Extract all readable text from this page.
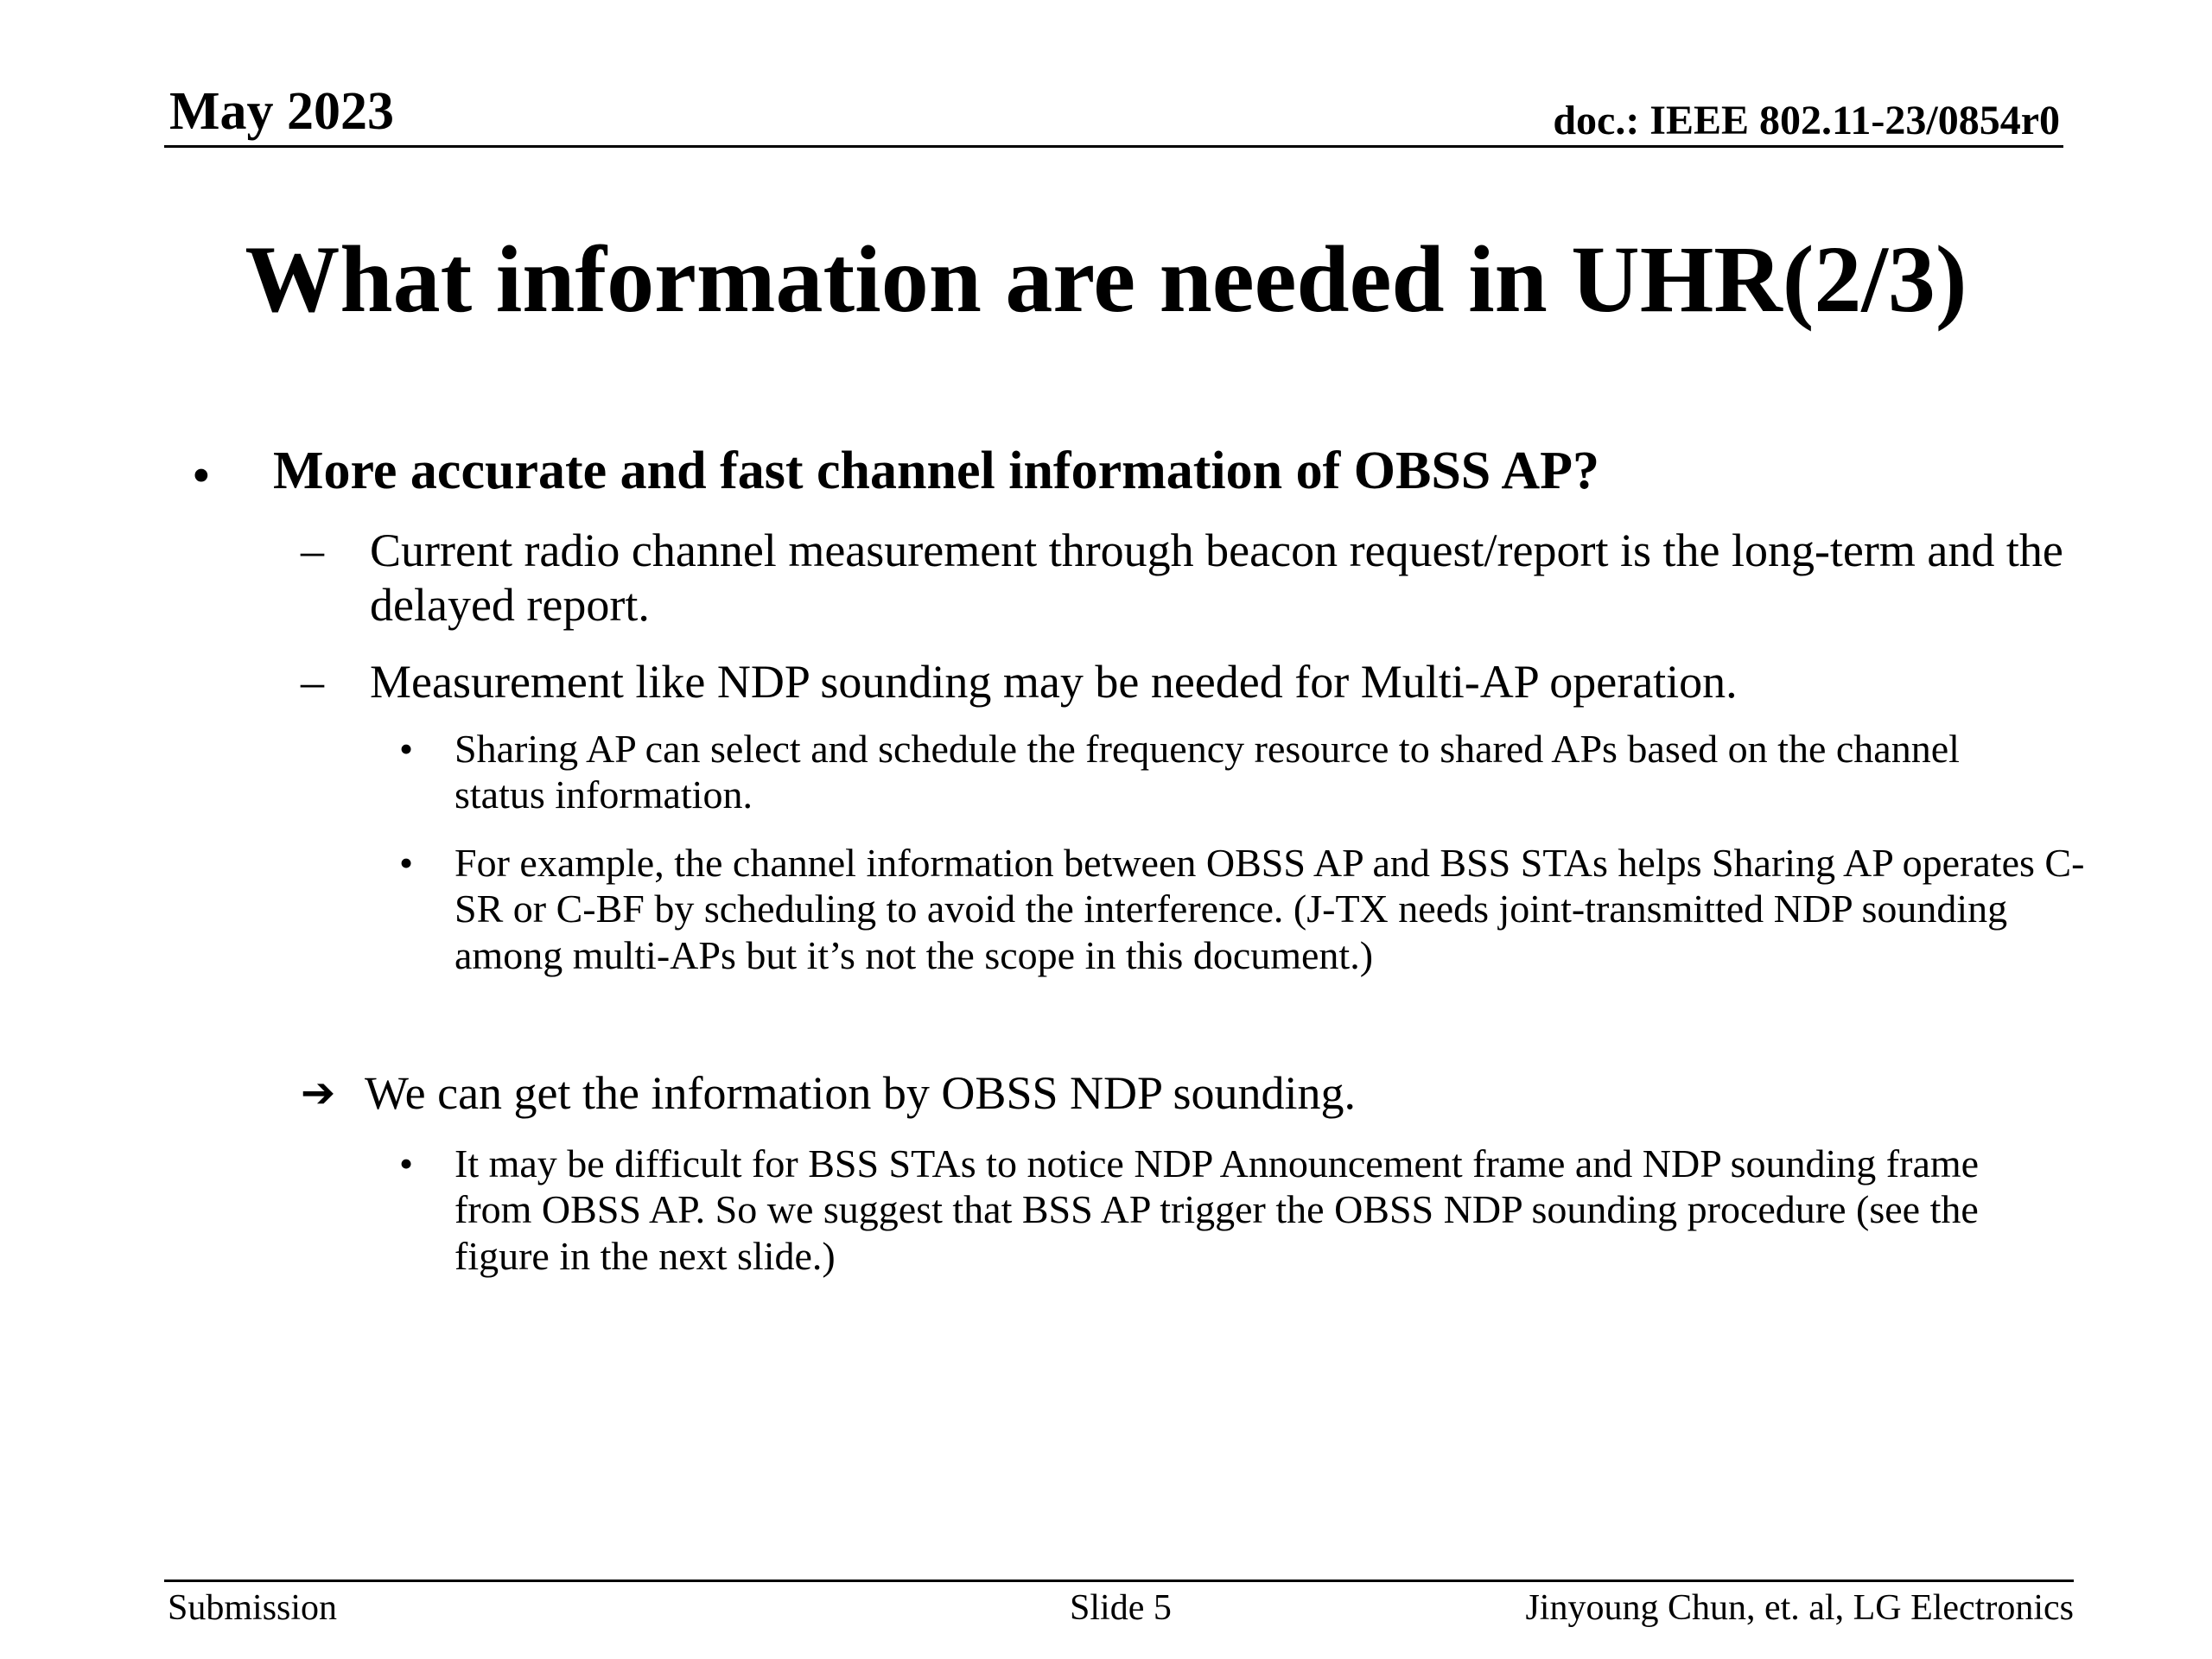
May 2023	doc.: IEEE 802.11-23/0854r0
What information are needed in UHR(2/3)
• More accurate and fast channel information of OBSS AP?
– Current radio channel measurement through beacon request/report is the long-term and the delayed report.
– Measurement like NDP sounding may be needed for Multi-AP operation.
• Sharing AP can select and schedule the frequency resource to shared APs based on the channel status information.
• For example, the channel information between OBSS AP and BSS STAs helps Sharing AP operates C-SR or C-BF by scheduling to avoid the interference. (J-TX needs joint-transmitted NDP sounding among multi-APs but it’s not the scope in this document.)
➔ We can get the information by OBSS NDP sounding.
• It may be difficult for BSS STAs to notice NDP Announcement frame and NDP sounding frame from OBSS AP. So we suggest that BSS AP trigger the OBSS NDP sounding procedure (see the figure in the next slide.)
Submission	Slide 5	Jinyoung Chun, et. al, LG Electronics
